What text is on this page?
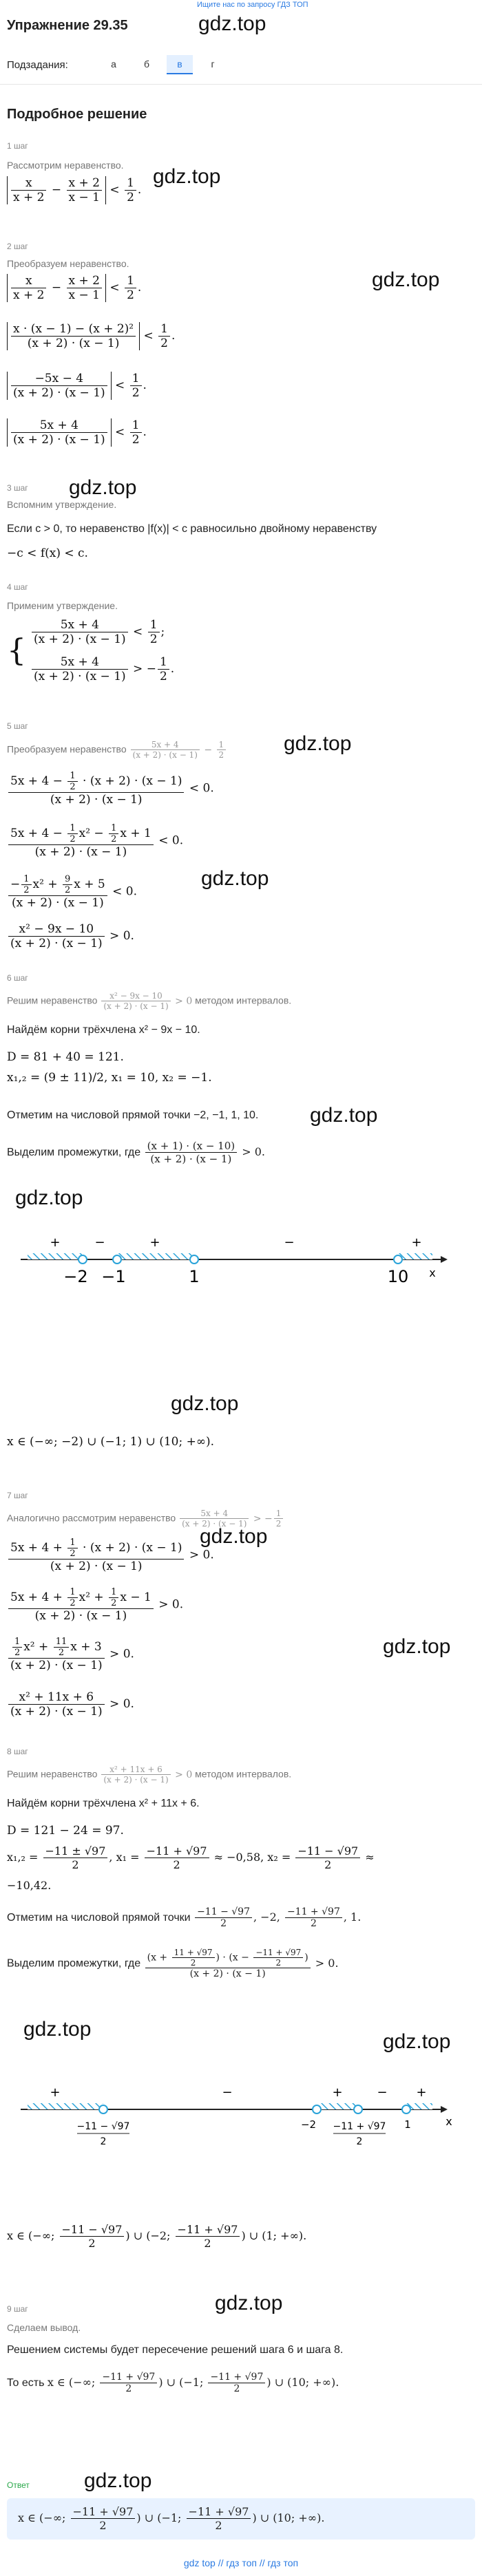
Ищите нас по запросу ГДЗ ТОП
Упражнение 29.35	gdz.top
Подзадания:	а	б	в	г
Подробное решение
1 шаг
Рассмотрим неравенство. gdz.top
$\frac{x}{x + 2} - \frac{x + 2}{x - 1} < \frac{1}{2}$ .
2 шаг
Преобразуем неравенство.
gdz.top
$\frac{x}{x + 2} - \frac{x + 2}{x - 1} < \frac{1}{2}$ .
$\frac{\text{x · (x − 1) − (x + 2)²}}{(x + 2) \cdot (x - 1)} < \frac{1}{2}$ .
$\frac{-5x - 4}{(x + 2) \cdot (x - 1)} < \frac{1}{2}$ .
$\frac{5x + 4}{(x + 2) \cdot (x - 1)} < \frac{1}{2}$ .
3 шаг gdz.top
Вспомним утверждение.
Если c > 0, то неравенство |f(x)| < c равносильно двойному неравенству
−c < f(x) < c.
4 шаг
Применим утверждение.
{
$\frac{5x + 4}{(x + 2) \cdot (x - 1)} < \frac{1}{2}$ ;
$\frac{5x + 4}{(x + 2) \cdot (x - 1)}$ > − $\frac{1}{2}$ .
5 шаг
Преобразуем неравенство $\frac{5x + 4}{(x + 2) \cdot (x - 1)} - \frac{1}{2}$	gdz.top
$\frac{5x + 4 - \frac{1}{2} \cdot (x + 2) \cdot (x - 1)}{(x + 2) \cdot (x - 1)} < 0$.
$\frac{5x + 4 - \frac{1}{2} x^2 - \frac{1}{2} x + 1}{(x + 2) \cdot (x - 1)} < 0$.
gdz.top
$\frac{- \frac{1}{2} x^2 + \frac{9}{2} x + 5}{(x + 2) \cdot (x - 1)} < 0$.
$\frac{\text{x² − 9x − 10}}{(x + 2) \cdot (x - 1)} > 0$.
6 шаг
Решим неравенство $\frac{\text{x² − 9x − 10}}{(x + 2) \cdot (x - 1)} > 0$ методом интервалов.
Найдём корни трёхчлена x² − 9x − 10.
D = 81 + 40 = 121.
x₁,₂ = (9 ± 11)/2, x₁ = 10, x₂ = −1.
Отметим на числовой прямой точки −2, −1, 1, 10. gdz.top
Выделим промежутки, где $\frac{(x + 1) \cdot (x - 10)}{(x + 2) \cdot (x - 1)} > 0$.
gdz.top
+	−	+	−	+
−2 −1	1	10 x
gdz.top
x ∈ (−∞; −2) ∪ (−1; 1) ∪ (10; +∞).
7 шаг
Аналогично рассмотрим неравенство $\frac{5x + 4}{(x + 2) \cdot (x - 1)}$ > − $\frac{1}{2}$
$\frac{5x + 4 + \frac{1}{2} \cdot (x + 2) \cdot (x - 1)}{(x + 2) \cdot (x - 1)} > 0$.
gdz.top
$\frac{5x + 4 + \frac{1}{2} x^2 + \frac{1}{2} x - 1}{(x + 2) \cdot (x - 1)} > 0$.
$\frac{\frac{1}{2} x^2 + \frac{11}{2} x + 3}{(x + 2) \cdot (x - 1)} > 0$.	gdz.top
$\frac{\text{x² + 11x + 6}}{(x + 2) \cdot (x - 1)} > 0$.
8 шаг
Решим неравенство $\frac{\text{x² + 11x + 6}}{(x + 2) \cdot (x - 1)} > 0$ методом интервалов.
Найдём корни трёхчлена x² + 11x + 6.
D = 121 − 24 = 97.
$x_1,_2 = \frac{-11 \pm √97}{2}$ , $x_1 = \frac{-11 + √97}{2} \approx -0,58$, $x_2 = \frac{-11 - √97}{2}$ ≈
−10,42.
Отметим на числовой прямой точки $\frac{-11 - √97}{2}$ , −2, $\frac{-11 + √97}{2}$ , 1.
Выделим промежутки, где $\frac{(x + \frac{11 + √97}{2} ) \cdot (x - \frac{-11 + √97}{2} )}{(x + 2) \cdot (x - 1)} > 0$.
gdz.top
gdz.top
+	−	+	− +
−11 − √97
2
−2 −11 + √97
2
1	x
x ∈ (−∞; $\frac{-11 - √97}{2}$ ) ∪ (−2; $\frac{-11 + √97}{2}$ ) ∪ (1; +∞).
9 шаг	gdz.top
Сделаем вывод.
Решением системы будет пересечение решений шага 6 и шага 8.
То есть x ∈ (−∞; $\frac{-11 + √97}{2}$ ) ∪ (−1; $\frac{-11 + √97}{2}$ ) ∪ (10; +∞).
Ответ	gdz.top
x ∈ (−∞; $\frac{-11 + √97}{2}$ ) ∪ (−1; $\frac{-11 + √97}{2}$ ) ∪ (10; +∞).
gdz top // гдз топ // гдз топ
